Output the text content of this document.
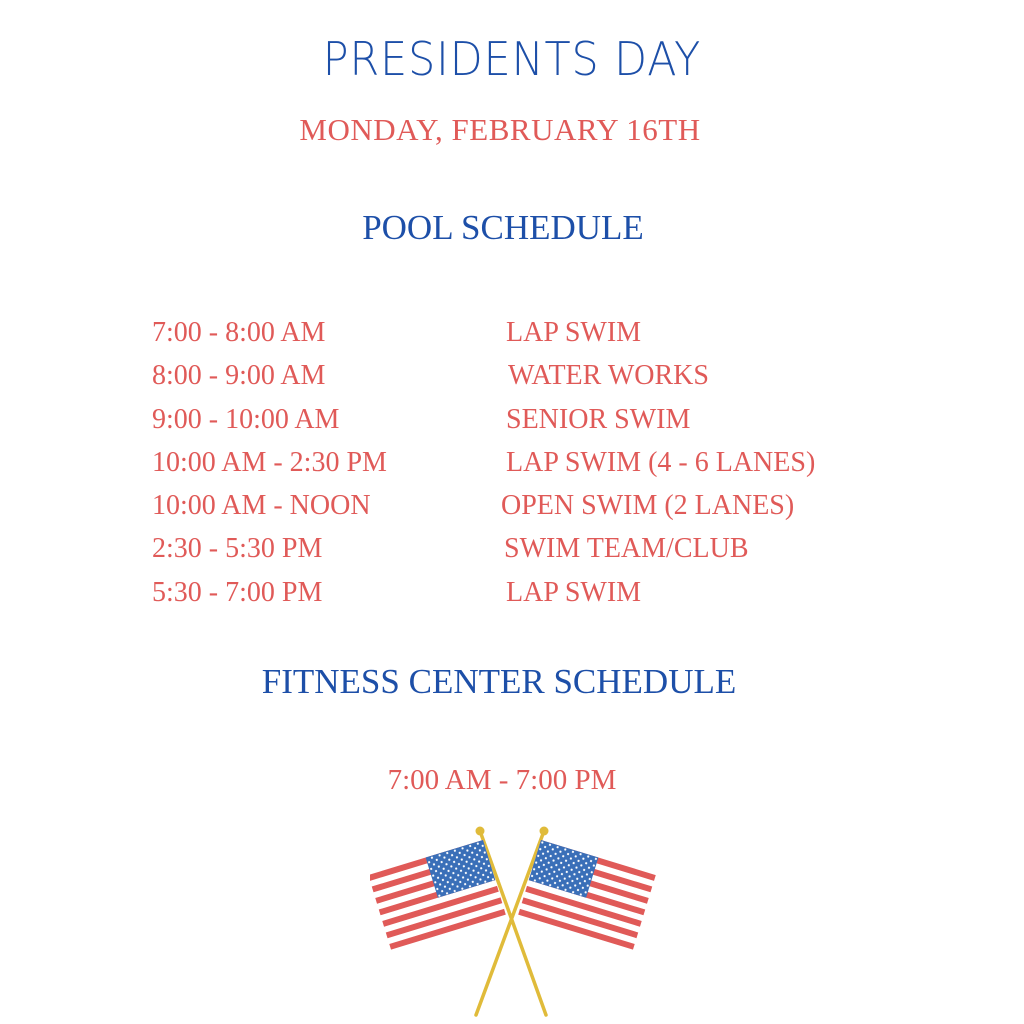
PRESIDENTS DAY
MONDAY, FEBRUARY 16TH
POOL SCHEDULE
7:00 - 8:00 AM	LAP SWIM
8:00 - 9:00 AM	WATER WORKS
9:00 - 10:00 AM	SENIOR SWIM
10:00 AM - 2:30 PM	LAP SWIM (4 - 6 LANES)
10:00 AM - NOON	OPEN SWIM (2 LANES)
2:30 - 5:30 PM	SWIM TEAM/CLUB
5:30 - 7:00 PM	LAP SWIM
FITNESS CENTER SCHEDULE
7:00 AM - 7:00 PM
